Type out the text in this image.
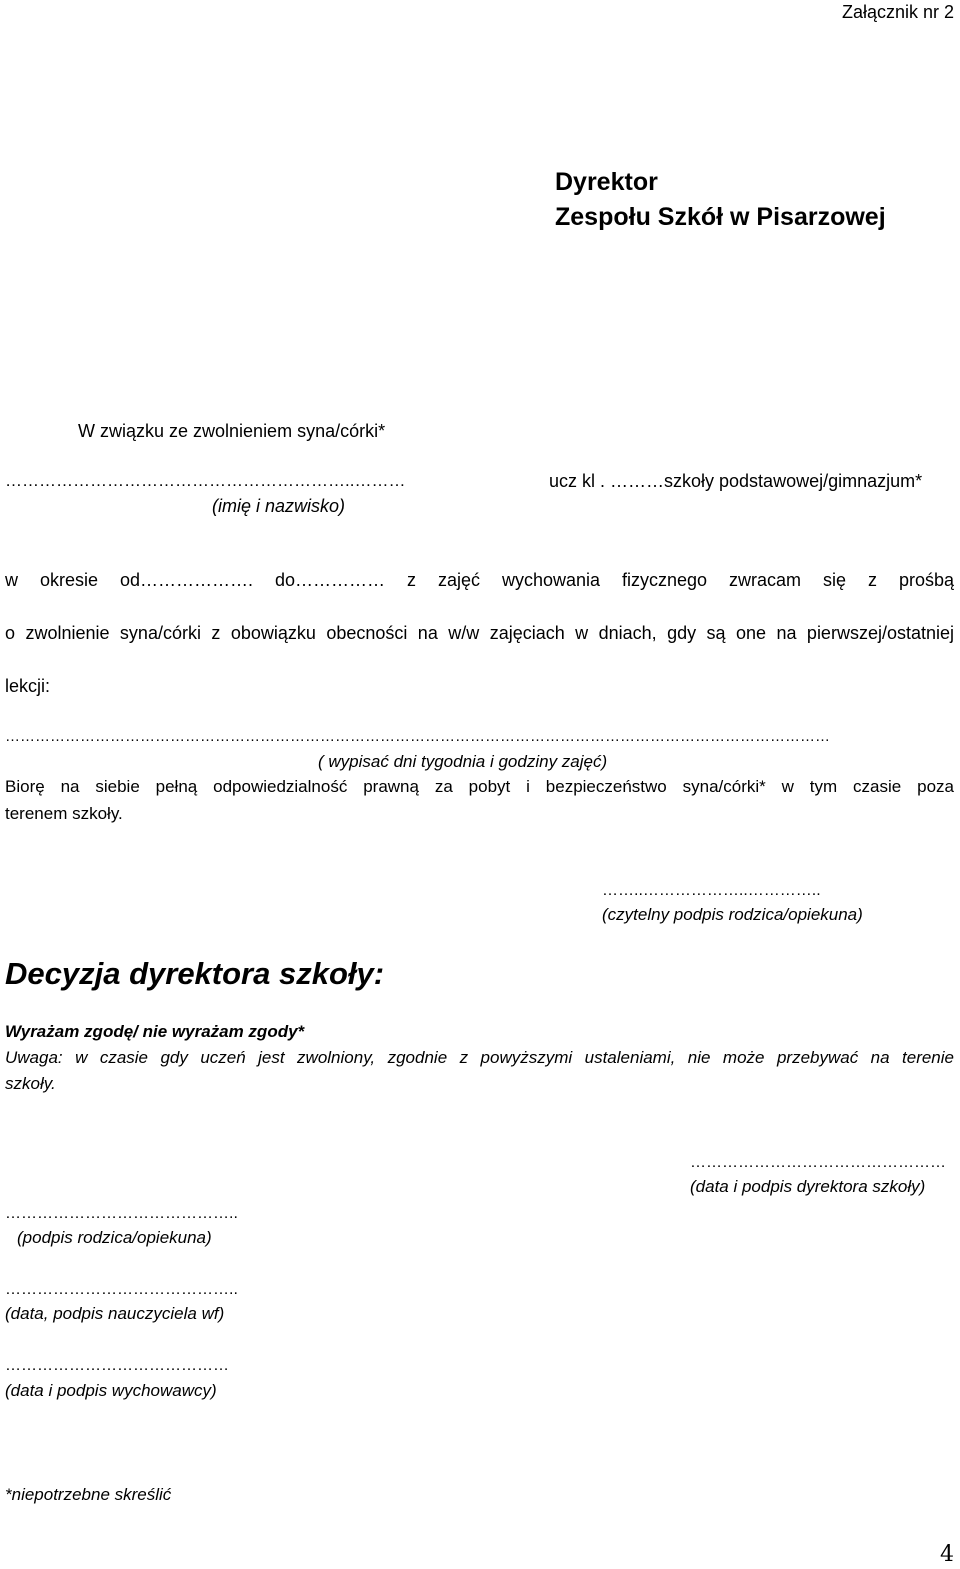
Załącznik nr 2
Dyrektor
Zespołu Szkół w Pisarzowej
W związku ze zwolnieniem syna/córki*
……………………………………………………..………	ucz kl . ………szkoły podstawowej/gimnazjum*
(imię i nazwisko)
w okresie od………………. do…………… z zajęć wychowania fizycznego zwracam się z prośbą
o zwolnienie syna/córki z obowiązku obecności na w/w zajęciach w dniach, gdy są one na pierwszej/ostatniej
lekcji:
…………………………………………………………………………………………………………………………………………………
( wypisać dni tygodnia i godziny zajęć)
Biorę na siebie pełną odpowiedzialność prawną za pobyt i bezpieczeństwo syna/córki* w tym czasie poza
terenem szkoły.
……..………………..…………..
(czytelny podpis rodzica/opiekuna)
Decyzja dyrektora szkoły:
Wyrażam zgodę/ nie wyrażam zgody*
Uwaga: w czasie gdy uczeń jest zwolniony, zgodnie z powyższymi ustaleniami, nie może przebywać na terenie
szkoły.
…………………………………………
(data i podpis dyrektora szkoły)
……………………………………..
(podpis rodzica/opiekuna)
……………………………………..
(data, podpis nauczyciela wf)
……………………………………
(data i podpis wychowawcy)
*niepotrzebne skreślić
4
